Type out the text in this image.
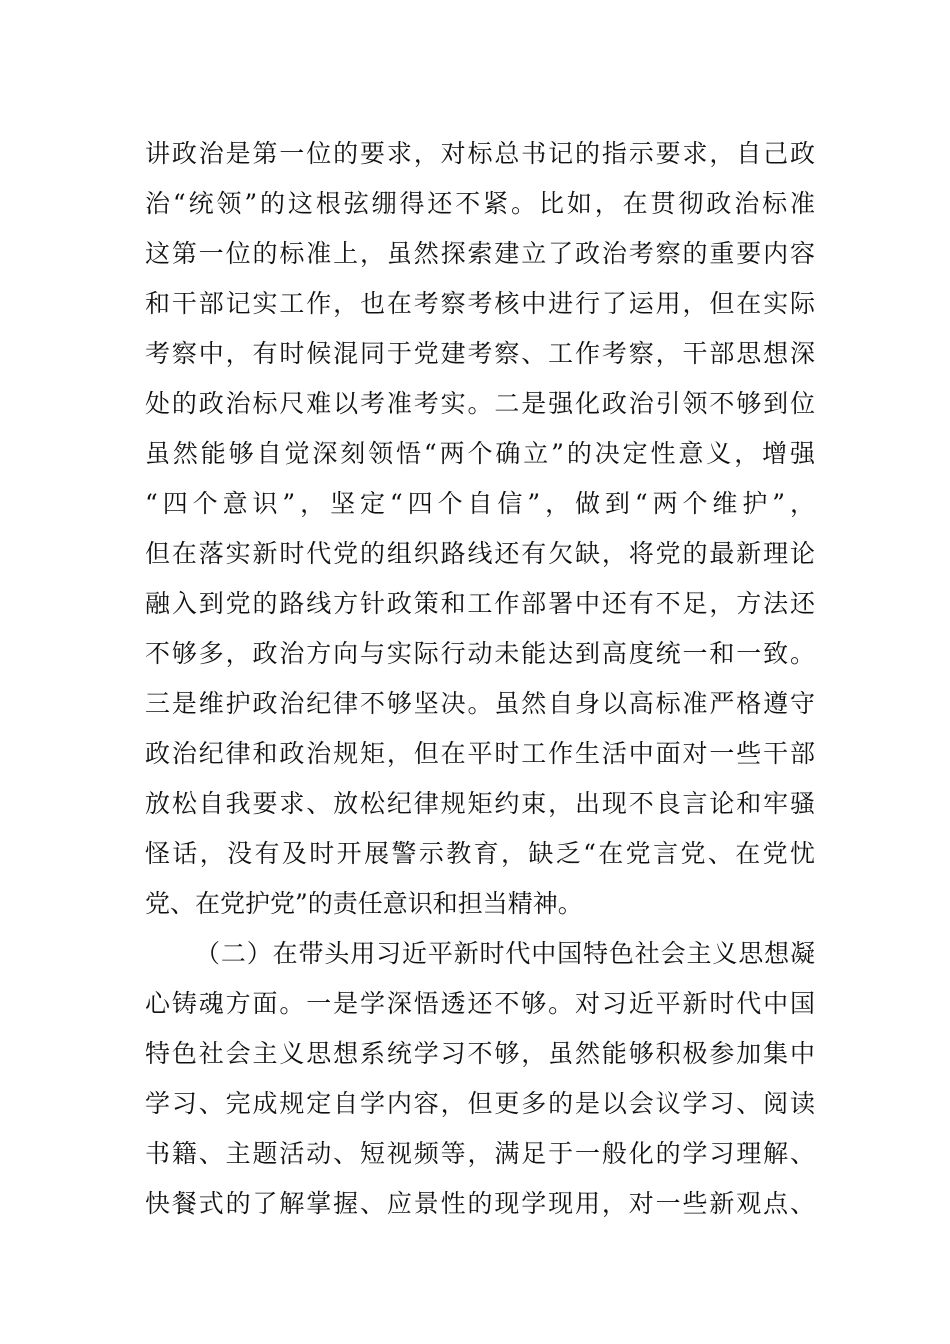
讲政治是第一位的要求，对标总书记的指示要求，自己政
治“统领”的这根弦绷得还不紧。比如，在贯彻政治标准
这第一位的标准上，虽然探索建立了政治考察的重要内容
和干部记实工作，也在考察考核中进行了运用，但在实际
考察中，有时候混同于党建考察、工作考察，干部思想深
处的政治标尺难以考准考实。二是强化政治引领不够到位
虽然能够自觉深刻领悟“两个确立”的决定性意义，增强
“四个意识”，坚定“四个自信”，做到“两个维护”，
但在落实新时代党的组织路线还有欠缺，将党的最新理论
融入到党的路线方针政策和工作部署中还有不足，方法还
不够多，政治方向与实际行动未能达到高度统一和一致。
三是维护政治纪律不够坚决。虽然自身以高标准严格遵守
政治纪律和政治规矩，但在平时工作生活中面对一些干部
放松自我要求、放松纪律规矩约束，出现不良言论和牢骚
怪话，没有及时开展警示教育，缺乏“在党言党、在党忧
党、在党护党”的责任意识和担当精神。
（二）在带头用习近平新时代中国特色社会主义思想凝
心铸魂方面。一是学深悟透还不够。对习近平新时代中国
特色社会主义思想系统学习不够，虽然能够积极参加集中
学习、完成规定自学内容，但更多的是以会议学习、阅读
书籍、主题活动、短视频等，满足于一般化的学习理解、
快餐式的了解掌握、应景性的现学现用，对一些新观点、
